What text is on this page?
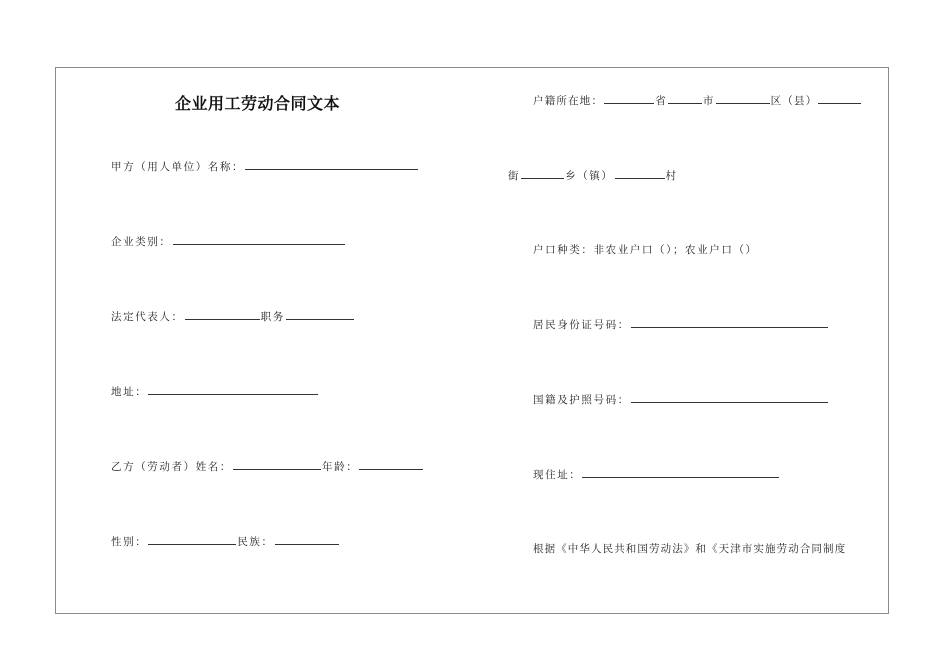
企业用工劳动合同文本
甲方（用人单位）名称：
企业类别：
法定代表人：	职务
地址：
乙方（劳动者）姓名：	年龄：
性别：	民族：
户籍所在地：	省	市	区（县）
街	乡（镇）	村
户口种类：非农业户口（）；农业户口（）
居民身份证号码：
国籍及护照号码：
现住址：
根据《中华人民共和国劳动法》和《天津市实施劳动合同制度
